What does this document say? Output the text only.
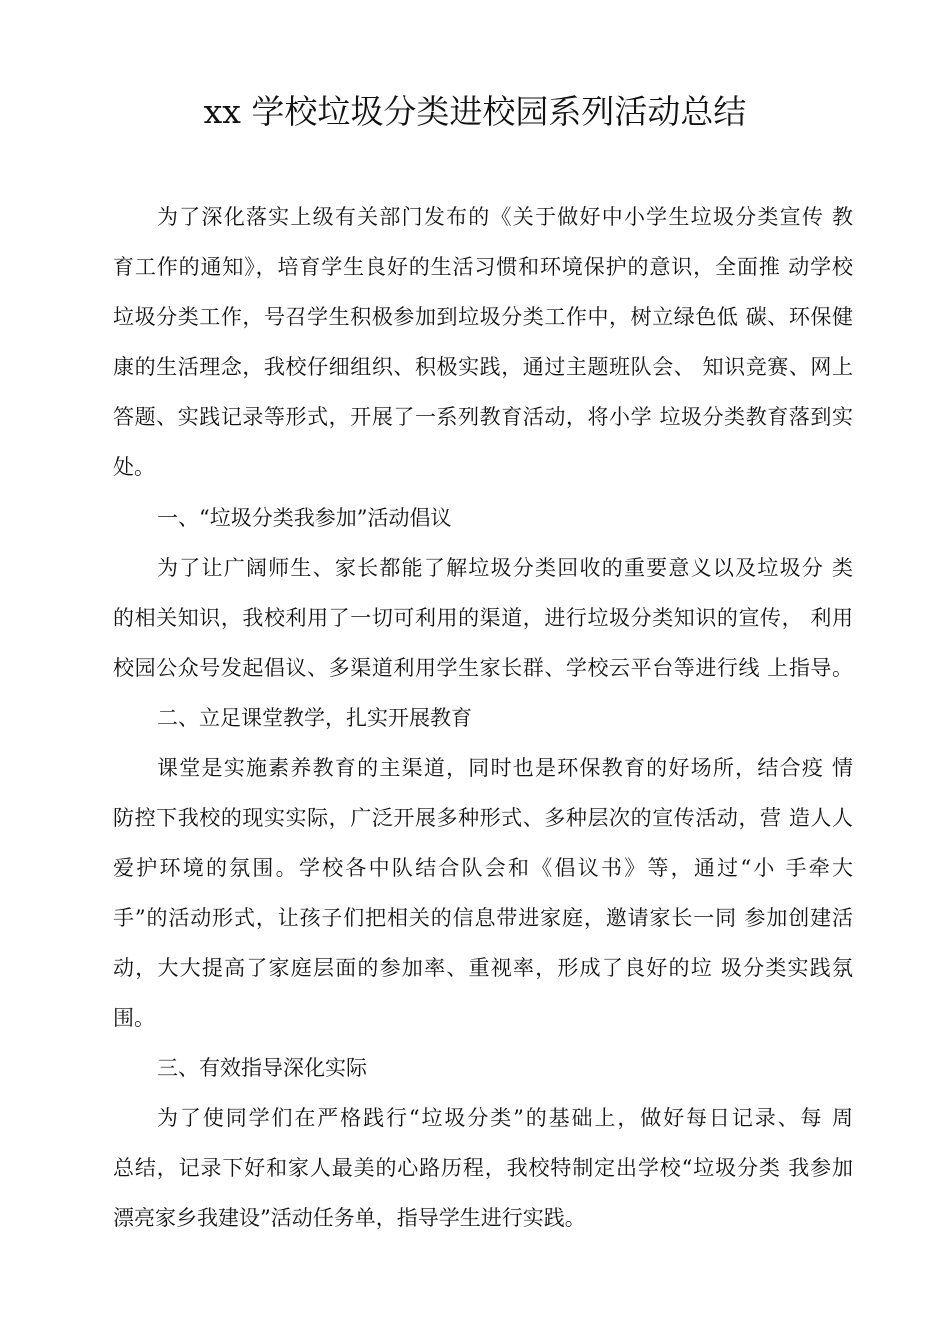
xx 学校垃圾分类进校园系列活动总结
为了深化落实上级有关部门发布的《关于做好中小学生垃圾分类宣传 教
育工作的通知》，培育学生良好的生活习惯和环境保护的意识，全面推 动学校
垃圾分类工作，号召学生积极参加到垃圾分类工作中，树立绿色低 碳、环保健
康的生活理念，我校仔细组织、积极实践，通过主题班队会、 知识竞赛、网上
答题、实践记录等形式，开展了一系列教育活动，将小学 垃圾分类教育落到实
处。
一、“垃圾分类我参加”活动倡议
为了让广阔师生、家长都能了解垃圾分类回收的重要意义以及垃圾分 类
的相关知识，我校利用了一切可利用的渠道，进行垃圾分类知识的宣传， 利用
校园公众号发起倡议、多渠道利用学生家长群、学校云平台等进行线 上指导。
二、立足课堂教学，扎实开展教育
课堂是实施素养教育的主渠道，同时也是环保教育的好场所，结合疫 情
防控下我校的现实实际，广泛开展多种形式、多种层次的宣传活动，营 造人人
爱护环境的氛围。学校各中队结合队会和《倡议书》等，通过“小 手牵大
手”的活动形式，让孩子们把相关的信息带进家庭，邀请家长一同 参加创建活
动，大大提高了家庭层面的参加率、重视率，形成了良好的垃 圾分类实践氛
围。
三、有效指导深化实际
为了使同学们在严格践行“垃圾分类”的基础上，做好每日记录、每 周
总结，记录下好和家人最美的心路历程，我校特制定出学校“垃圾分类 我参加
漂亮家乡我建设”活动任务单，指导学生进行实践。
